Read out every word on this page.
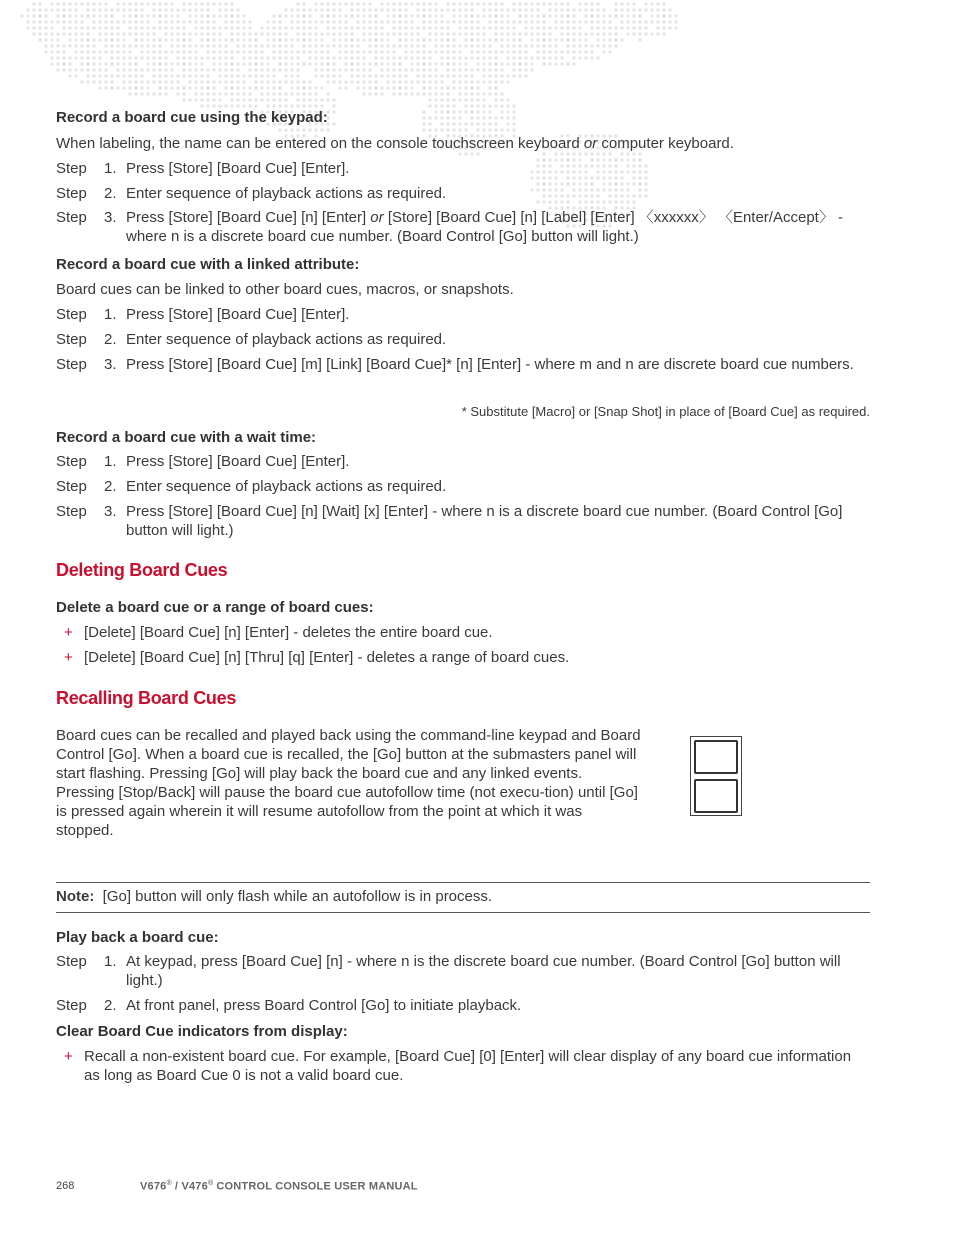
Record a board cue using the keypad:
When labeling, the name can be entered on the console touchscreen keyboard or computer keyboard.
Step	1. Press [Store] [Board Cue] [Enter].
Step	2. Enter sequence of playback actions as required.
Step	3. Press [Store] [Board Cue] [n] [Enter] or [Store] [Board Cue] [n] [Label] [Enter] 〈xxxxxx〉 〈Enter/Accept〉 - where n is a discrete board cue number. (Board Control [Go] button will light.)
Record a board cue with a linked attribute:
Board cues can be linked to other board cues, macros, or snapshots.
Step	1. Press [Store] [Board Cue] [Enter].
Step	2. Enter sequence of playback actions as required.
Step	3. Press [Store] [Board Cue] [m] [Link] [Board Cue]* [n] [Enter] - where m and n are discrete board cue numbers.
* Substitute [Macro] or [Snap Shot] in place of [Board Cue] as required.
Record a board cue with a wait time:
Step	1. Press [Store] [Board Cue] [Enter].
Step	2. Enter sequence of playback actions as required.
Step	3. Press [Store] [Board Cue] [n] [Wait] [x] [Enter] - where n is a discrete board cue number. (Board Control [Go] button will light.)
Deleting Board Cues
Delete a board cue or a range of board cues:
+ [Delete] [Board Cue] [n] [Enter] - deletes the entire board cue.
+ [Delete] [Board Cue] [n] [Thru] [q] [Enter] - deletes a range of board cues.
Recalling Board Cues
Board cues can be recalled and played back using the command-line keypad and Board Control [Go]. When a board cue is recalled, the [Go] button at the submasters panel will start flashing. Pressing [Go] will play back the board cue and any linked events. Pressing [Stop/Back] will pause the board cue autofollow time (not execu-tion) until [Go] is pressed again wherein it will resume autofollow from the point at which it was stopped.
Note: [Go] button will only flash while an autofollow is in process.
Play back a board cue:
Step	1. At keypad, press [Board Cue] [n] - where n is the discrete board cue number. (Board Control [Go] button will light.)
Step	2. At front panel, press Board Control [Go] to initiate playback.
Clear Board Cue indicators from display:
+ Recall a non-existent board cue. For example, [Board Cue] [0] [Enter] will clear display of any board cue information as long as Board Cue 0 is not a valid board cue.
268	V676® / V476® CONTROL CONSOLE USER MANUAL
